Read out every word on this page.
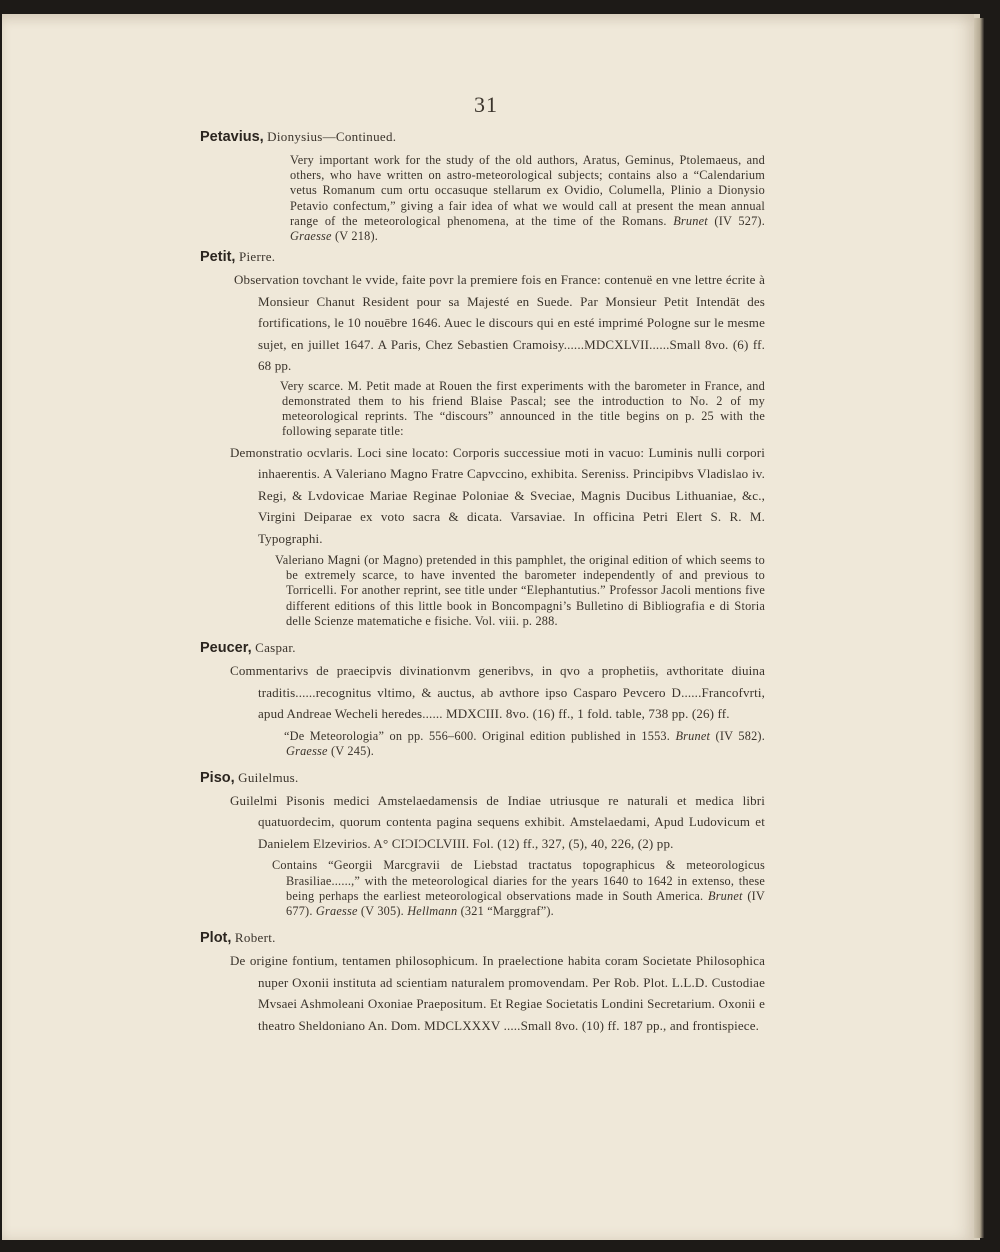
31

Petavius, Dionysius—Continued.

Very important work for the study of the old authors, Aratus, Geminus, Ptolemaeus, and others, who have written on astro-meteorological subjects; contains also a “Calendarium vetus Romanum cum ortu occasuque stellarum ex Ovidio, Columella, Plinio a Dionysio Petavio confectum,” giving a fair idea of what we would call at present the mean annual range of the meteorological phenomena, at the time of the Romans. Brunet (IV 527). Graesse (V 218).

Petit, Pierre.

Observation tovchant le vvide, faite povr la premiere fois en France: contenuë en vne lettre écrite à Monsieur Chanut Resident pour sa Majesté en Suede. Par Monsieur Petit Intendāt des fortifications, le 10 nouēbre 1646. Auec le discours qui en esté imprimé Pologne sur le mesme sujet, en juillet 1647. A Paris, Chez Sebastien Cramoisy......MDCXLVII......Small 8vo. (6) ff. 68 pp.

Very scarce. M. Petit made at Rouen the first experiments with the barometer in France, and demonstrated them to his friend Blaise Pascal; see the introduction to No. 2 of my meteorological reprints. The “discours” announced in the title begins on p. 25 with the following separate title:

Demonstratio ocvlaris. Loci sine locato: Corporis successiue moti in vacuo: Luminis nulli corpori inhaerentis. A Valeriano Magno Fratre Capvccino, exhibita. Sereniss. Principibvs Vladislao iv. Regi, & Lvdovicae Mariae Reginae Poloniae & Sveciae, Magnis Ducibus Lithuaniae, &c., Virgini Deiparae ex voto sacra & dicata. Varsaviae. In officina Petri Elert S. R. M. Typographi.

Valeriano Magni (or Magno) pretended in this pamphlet, the original edition of which seems to be extremely scarce, to have invented the barometer independently of and previous to Torricelli. For another reprint, see title under “Elephantutius.” Professor Jacoli mentions five different editions of this little book in Boncompagni’s Bulletino di Bibliografia e di Storia delle Scienze matematiche e fisiche. Vol. viii. p. 288.

Peucer, Caspar.

Commentarivs de praecipvis divinationvm generibvs, in qvo a prophetiis, avthoritate diuina traditis......recognitus vltimo, & auctus, ab avthore ipso Casparo Pevcero D......Francofvrti, apud Andreae Wecheli heredes...... MDXCIII. 8vo. (16) ff., 1 fold. table, 738 pp. (26) ff.

“De Meteorologia” on pp. 556–600. Original edition published in 1553. Brunet (IV 582). Graesse (V 245).

Piso, Guilelmus.

Guilelmi Pisonis medici Amstelaedamensis de Indiae utriusque re naturali et medica libri quatuordecim, quorum contenta pagina sequens exhibit. Amstelaedami, Apud Ludovicum et Danielem Elzevirios. A° CIƆIƆCLVIII. Fol. (12) ff., 327, (5), 40, 226, (2) pp.

Contains “Georgii Marcgravii de Liebstad tractatus topographicus & meteorologicus Brasiliae......,” with the meteorological diaries for the years 1640 to 1642 in extenso, these being perhaps the earliest meteorological observations made in South America. Brunet (IV 677). Graesse (V 305). Hellmann (321 “Marggraf”).

Plot, Robert.

De origine fontium, tentamen philosophicum. In praelectione habita coram Societate Philosophica nuper Oxonii instituta ad scientiam naturalem promovendam. Per Rob. Plot. L.L.D. Custodiae Mvsaei Ashmoleani Oxoniae Praepositum. Et Regiae Societatis Londini Secretarium. Oxonii e theatro Sheldoniano An. Dom. MDCLXXXV .....Small 8vo. (10) ff. 187 pp., and frontispiece.
